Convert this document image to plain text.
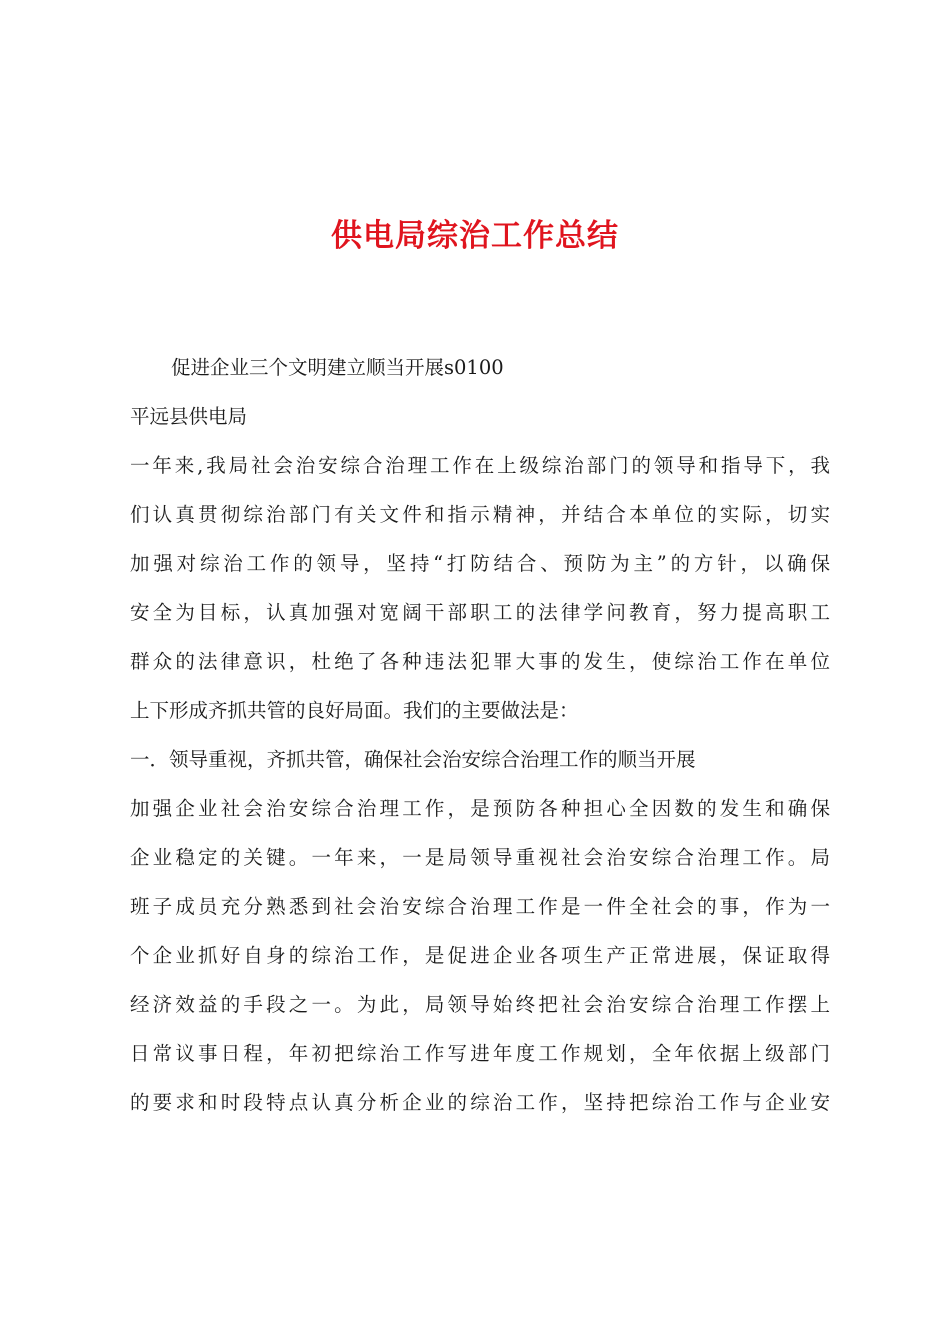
供电局综治工作总结
促进企业三个文明建立顺当开展s0100
平远县供电局
一年来,我局社会治安综合治理工作在上级综治部门的领导和指导下，我
们认真贯彻综治部门有关文件和指示精神，并结合本单位的实际，切实
加强对综治工作的领导，坚持“打防结合、预防为主”的方针，以确保
安全为目标，认真加强对宽阔干部职工的法律学问教育，努力提高职工
群众的法律意识，杜绝了各种违法犯罪大事的发生，使综治工作在单位
上下形成齐抓共管的良好局面。我们的主要做法是：
一．领导重视，齐抓共管，确保社会治安综合治理工作的顺当开展
加强企业社会治安综合治理工作，是预防各种担心全因数的发生和确保
企业稳定的关键。一年来，一是局领导重视社会治安综合治理工作。局
班子成员充分熟悉到社会治安综合治理工作是一件全社会的事，作为一
个企业抓好自身的综治工作，是促进企业各项生产正常进展，保证取得
经济效益的手段之一。为此，局领导始终把社会治安综合治理工作摆上
日常议事日程，年初把综治工作写进年度工作规划，全年依据上级部门
的要求和时段特点认真分析企业的综治工作，坚持把综治工作与企业安
